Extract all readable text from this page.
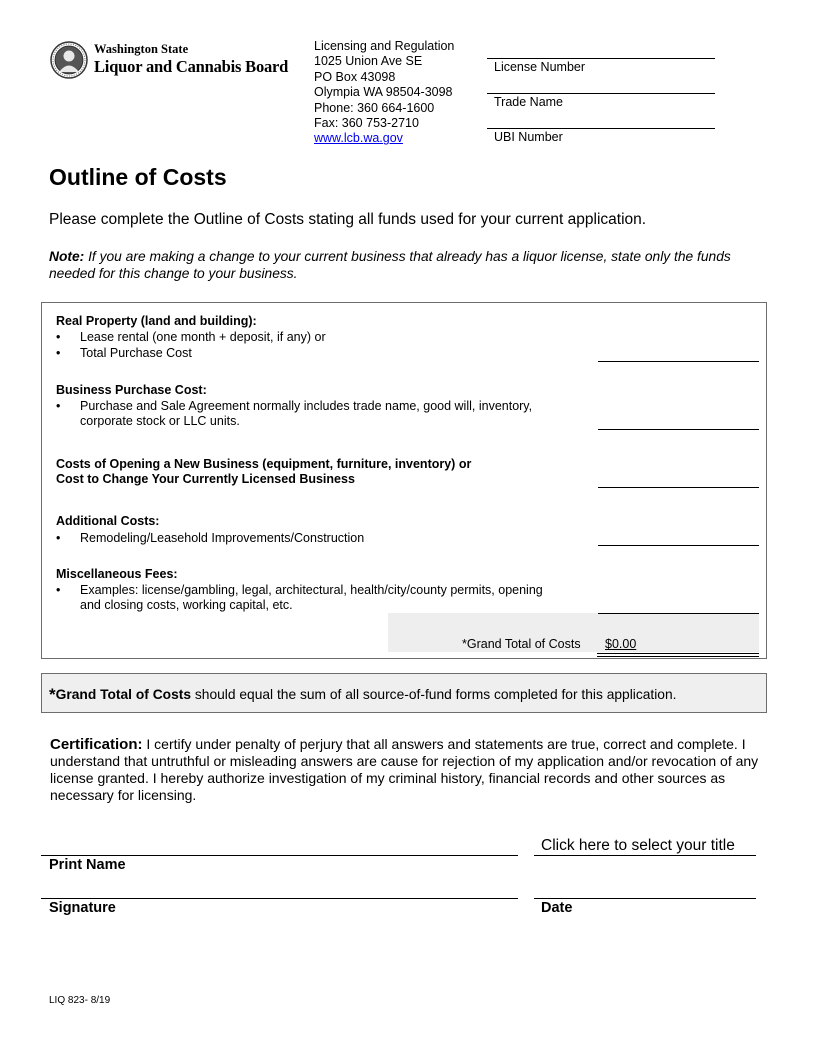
Washington State
Liquor and Cannabis Board
Licensing and Regulation
1025 Union Ave SE
PO Box 43098
Olympia WA 98504-3098
Phone: 360 664-1600
Fax: 360 753-2710
www.lcb.wa.gov
License Number
Trade Name
UBI Number
Outline of Costs
Please complete the Outline of Costs stating all funds used for your current application.
Note: If you are making a change to your current business that already has a liquor license, state only the funds needed for this change to your business.
Real Property (land and building):
• Lease rental (one month + deposit, if any) or
• Total Purchase Cost
Business Purchase Cost:
• Purchase and Sale Agreement normally includes trade name, good will, inventory,
corporate stock or LLC units.
Costs of Opening a New Business (equipment, furniture, inventory) or
Cost to Change Your Currently Licensed Business
Additional Costs:
• Remodeling/Leasehold Improvements/Construction
Miscellaneous Fees:
• Examples: license/gambling, legal, architectural, health/city/county permits, opening
and closing costs, working capital, etc.
*Grand Total of Costs $0.00
*Grand Total of Costs should equal the sum of all source-of-fund forms completed for this application.
Certification: I certify under penalty of perjury that all answers and statements are true, correct and complete. I understand that untruthful or misleading answers are cause for rejection of my application and/or revocation of any license granted. I hereby authorize investigation of my criminal history, financial records and other sources as necessary for licensing.
Click here to select your title
Print Name
Signature	Date
LIQ 823- 8/19
